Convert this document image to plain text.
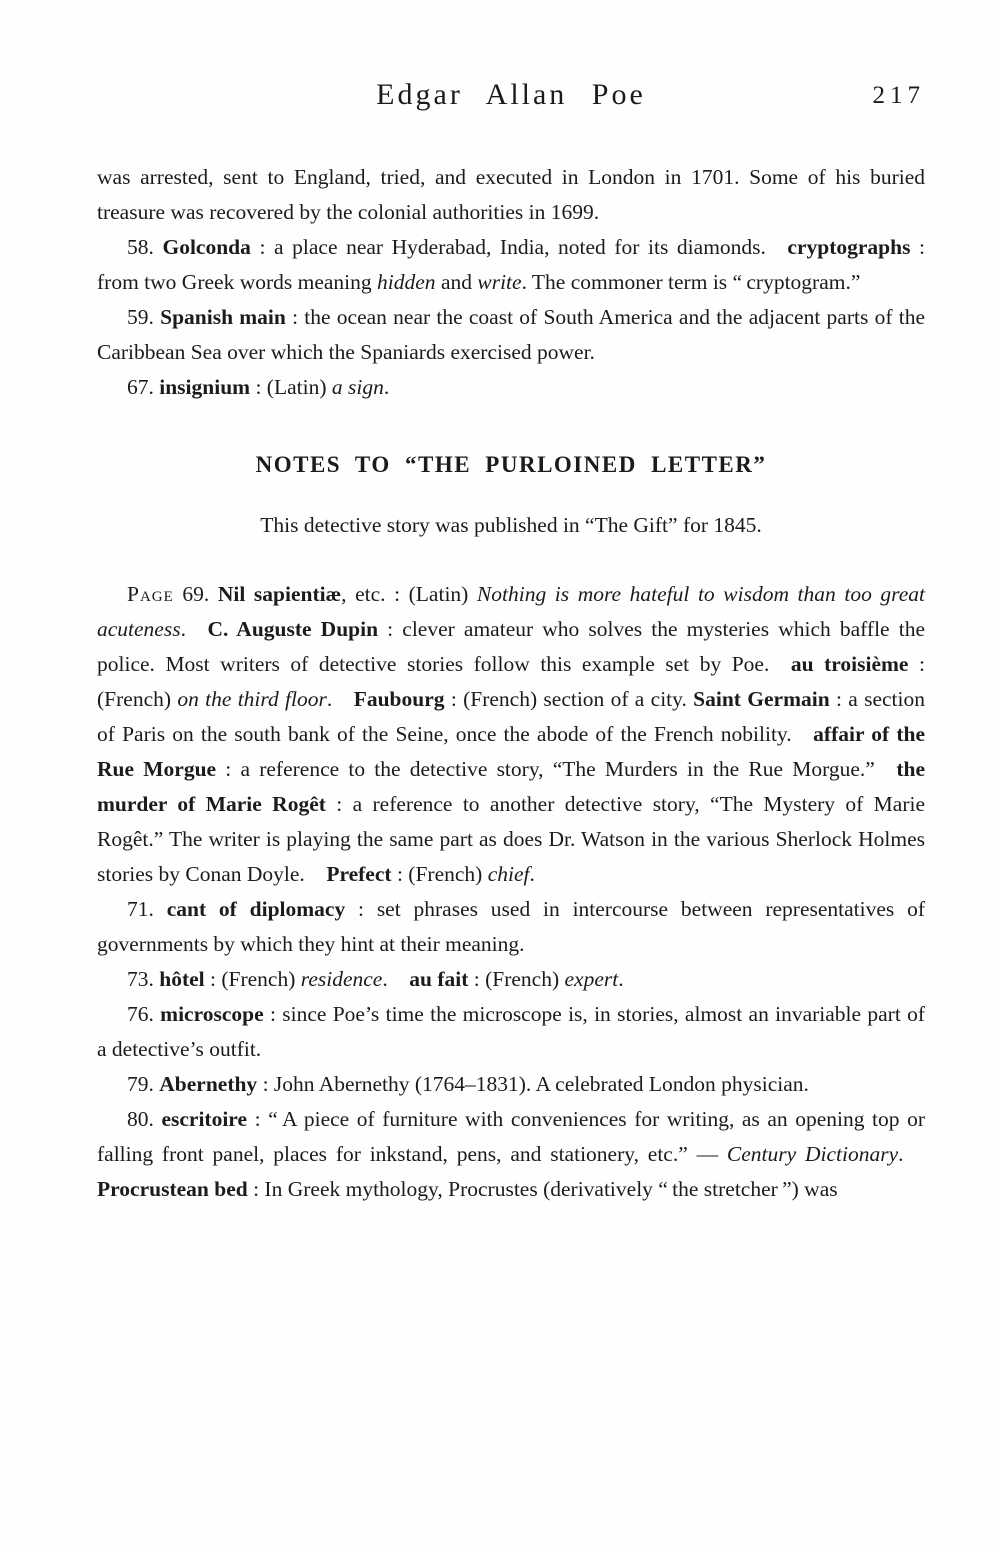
Edgar Allan Poe	217

was arrested, sent to England, tried, and executed in London in 1701. Some of his buried treasure was recovered by the colonial authorities in 1699.

58. Golconda : a place near Hyderabad, India, noted for its diamonds. cryptographs : from two Greek words meaning hidden and write. The commoner term is “ cryptogram.”

59. Spanish main : the ocean near the coast of South America and the adjacent parts of the Caribbean Sea over which the Spaniards exercised power.

67. insignium : (Latin) a sign.

NOTES TO “THE PURLOINED LETTER”

This detective story was published in “The Gift” for 1845.

Page 69. Nil sapientiæ, etc. : (Latin) Nothing is more hateful to wisdom than too great acuteness. C. Auguste Dupin : clever amateur who solves the mysteries which baffle the police. Most writers of detective stories follow this example set by Poe. au troisième : (French) on the third floor. Faubourg : (French) section of a city. Saint Germain : a section of Paris on the south bank of the Seine, once the abode of the French nobility. affair of the Rue Morgue : a reference to the detective story, “The Murders in the Rue Morgue.” the murder of Marie Rogêt : a reference to another detective story, “The Mystery of Marie Rogêt.” The writer is playing the same part as does Dr. Watson in the various Sherlock Holmes stories by Conan Doyle. Prefect : (French) chief.

71. cant of diplomacy : set phrases used in intercourse between representatives of governments by which they hint at their meaning.

73. hôtel : (French) residence. au fait : (French) expert.

76. microscope : since Poe’s time the microscope is, in stories, almost an invariable part of a detective’s outfit.

79. Abernethy : John Abernethy (1764–1831). A celebrated London physician.

80. escritoire : “ A piece of furniture with conveniences for writing, as an opening top or falling front panel, places for inkstand, pens, and stationery, etc.” — Century Dictionary. Procrustean bed : In Greek mythology, Procrustes (derivatively “ the stretcher ”) was
